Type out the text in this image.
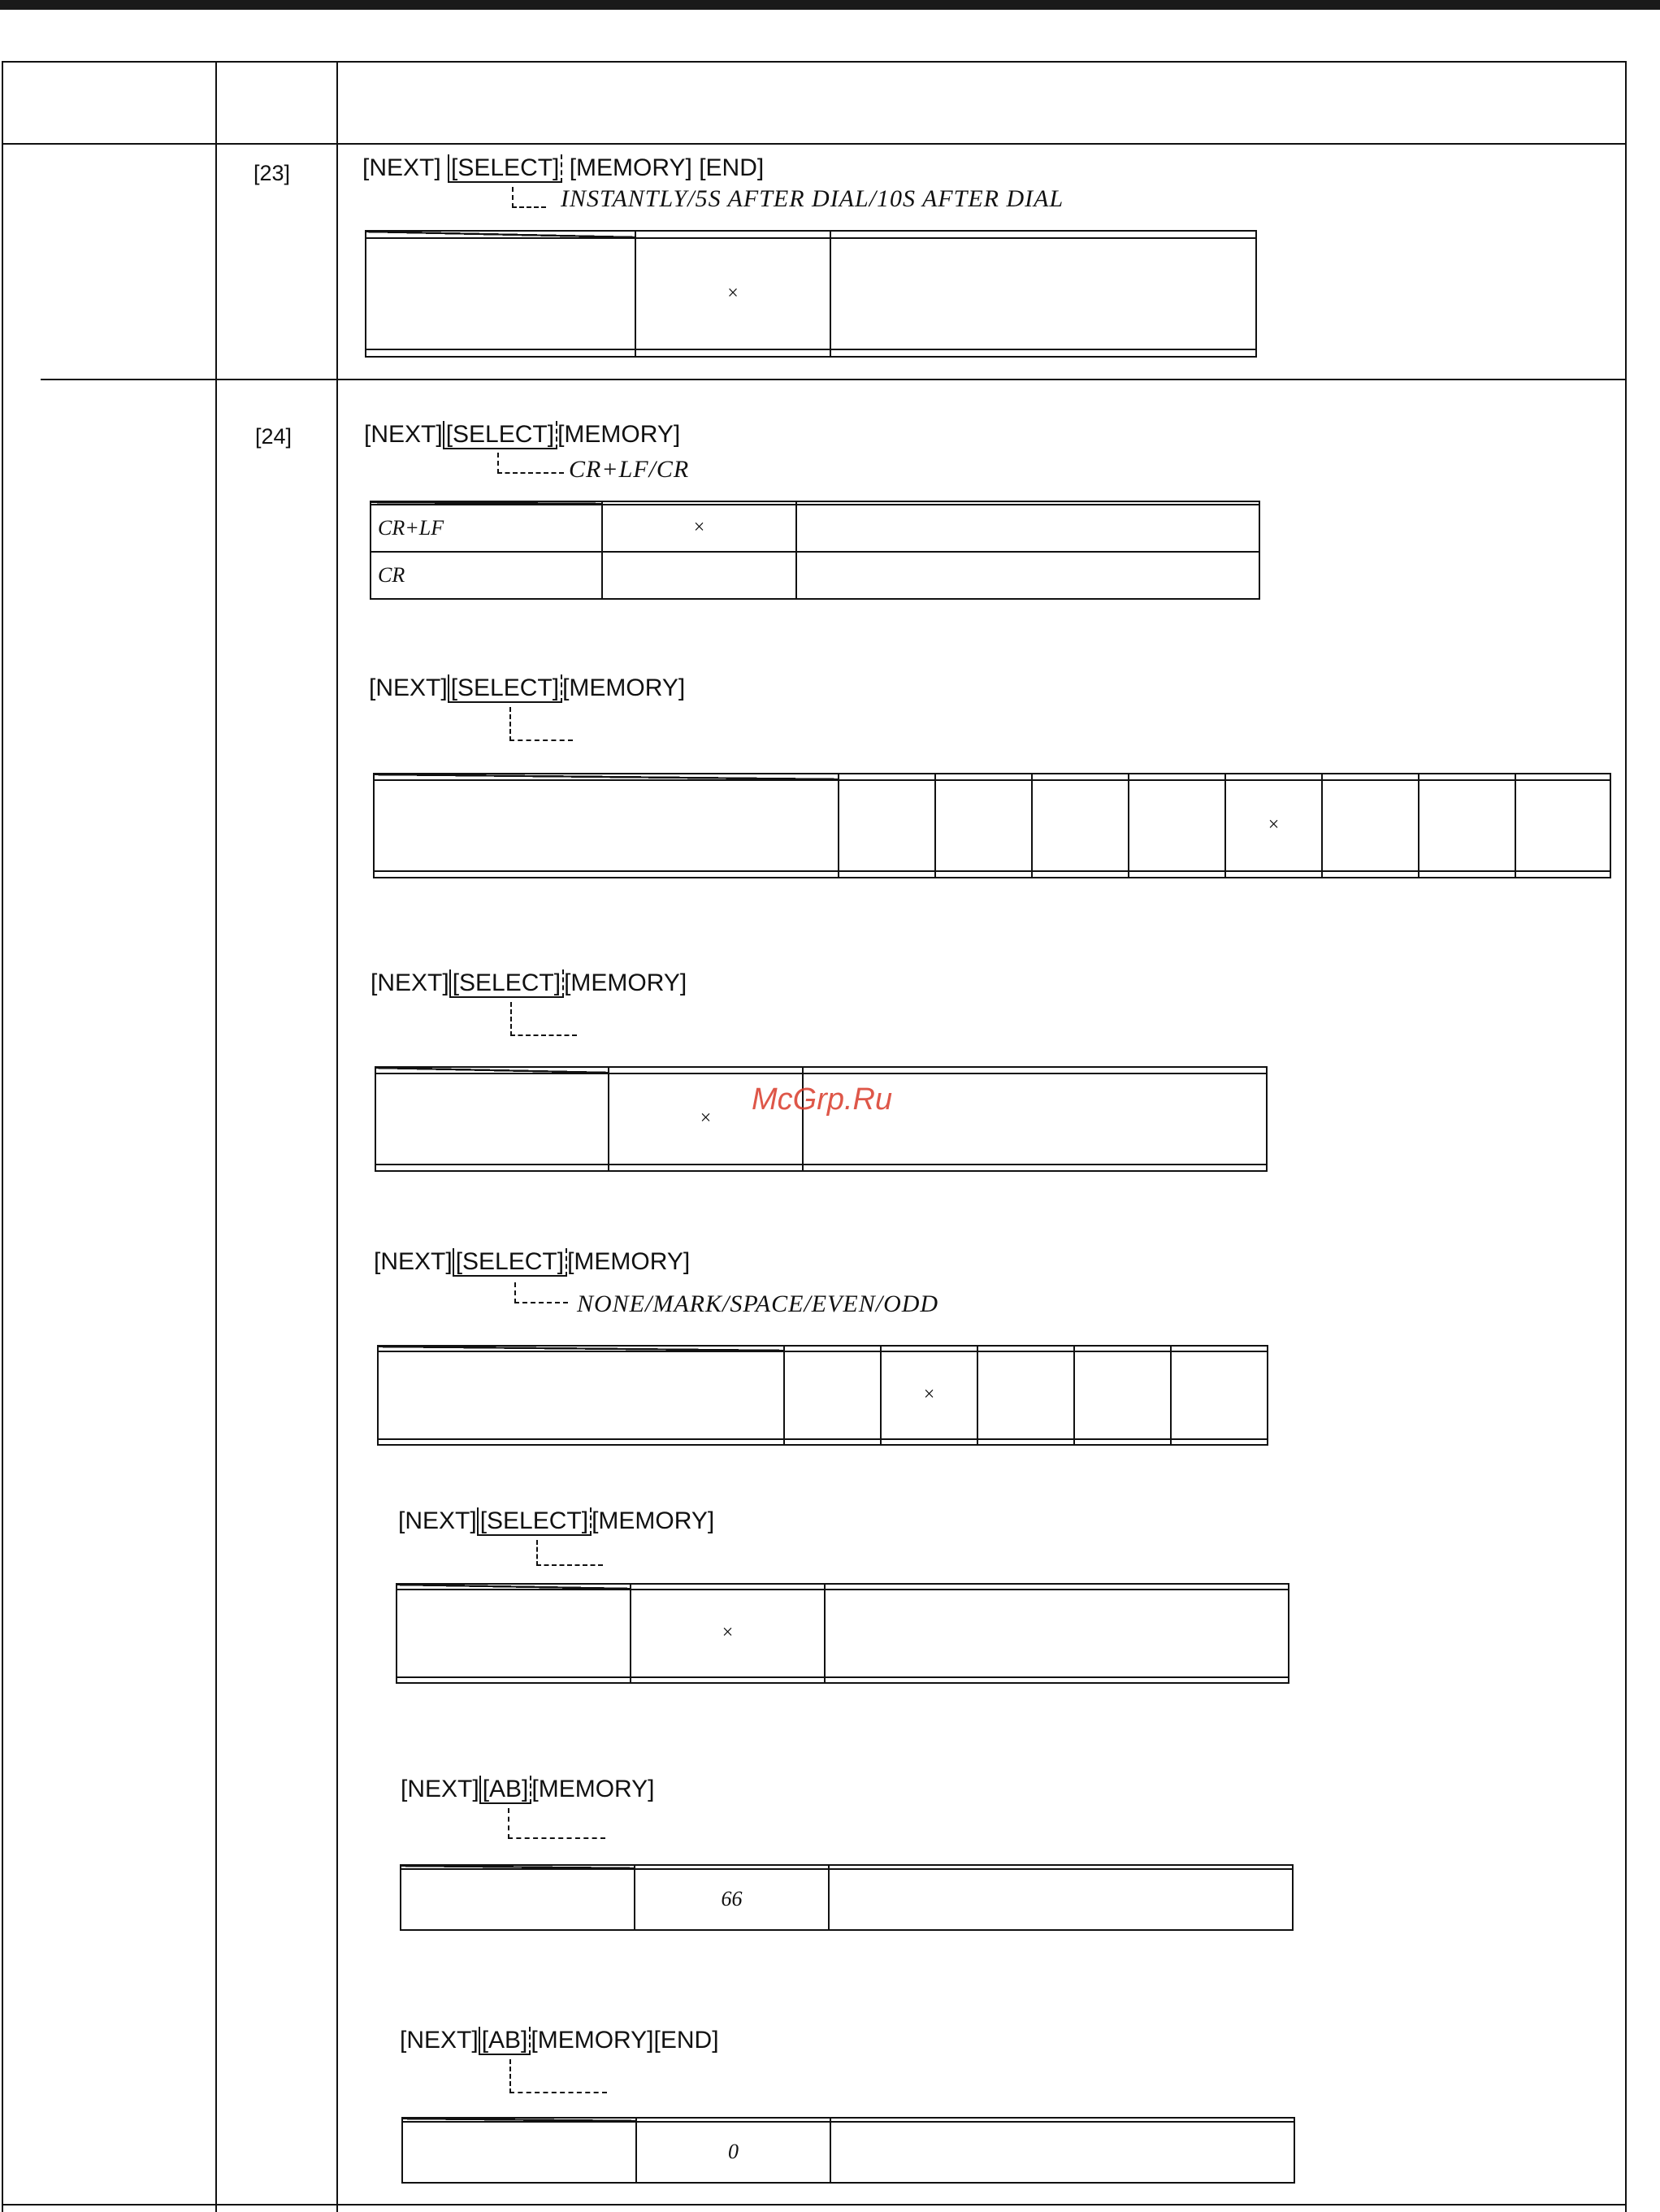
[23]	[NEXT] [SELECT] [MEMORY] [END]
INSTANTLY/5S AFTER DIAL/10S AFTER DIAL

	×	

[24]	[NEXT] [SELECT] [MEMORY]
CR+LF/CR

CR+LF	×	
CR		
[NEXT] [SELECT] [MEMORY]

					×			

[NEXT] [SELECT] [MEMORY]

	×	

[NEXT] [SELECT] [MEMORY]
NONE/MARK/SPACE/EVEN/ODD

		×			

[NEXT] [SELECT] [MEMORY]

	×	

[NEXT] [AB] [MEMORY]

	66	
[NEXT] [AB] [MEMORY][END]

	0	
McGrp.Ru
